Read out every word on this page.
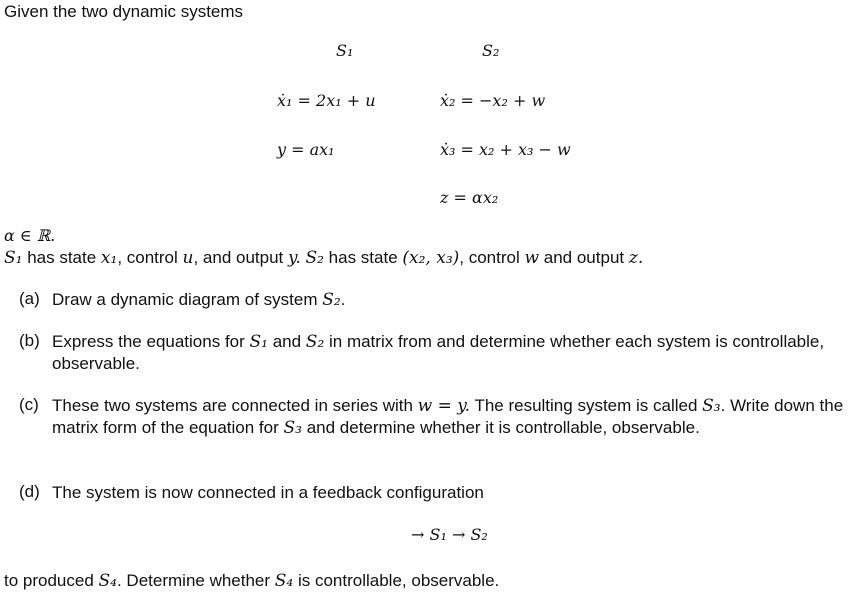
Given the two dynamic systems
S₁	S₂
ẋ₁ = 2x₁ + u	ẋ₂ = −x₂ + w
y = ax₁	ẋ₃ = x₂ + x₃ − w
z = αx₂
α ∈ ℝ.
S₁ has state x₁, control u, and output y. S₂ has state (x₂, x₃), control w and output z.
(a) Draw a dynamic diagram of system S₂.
(b) Express the equations for S₁ and S₂ in matrix from and determine whether each system is controllable, observable.
(c) These two systems are connected in series with w = y. The resulting system is called S₃. Write down the matrix form of the equation for S₃ and determine whether it is controllable, observable.
(d) The system is now connected in a feedback configuration
→ S₁ → S₂
to produced S₄. Determine whether S₄ is controllable, observable.
